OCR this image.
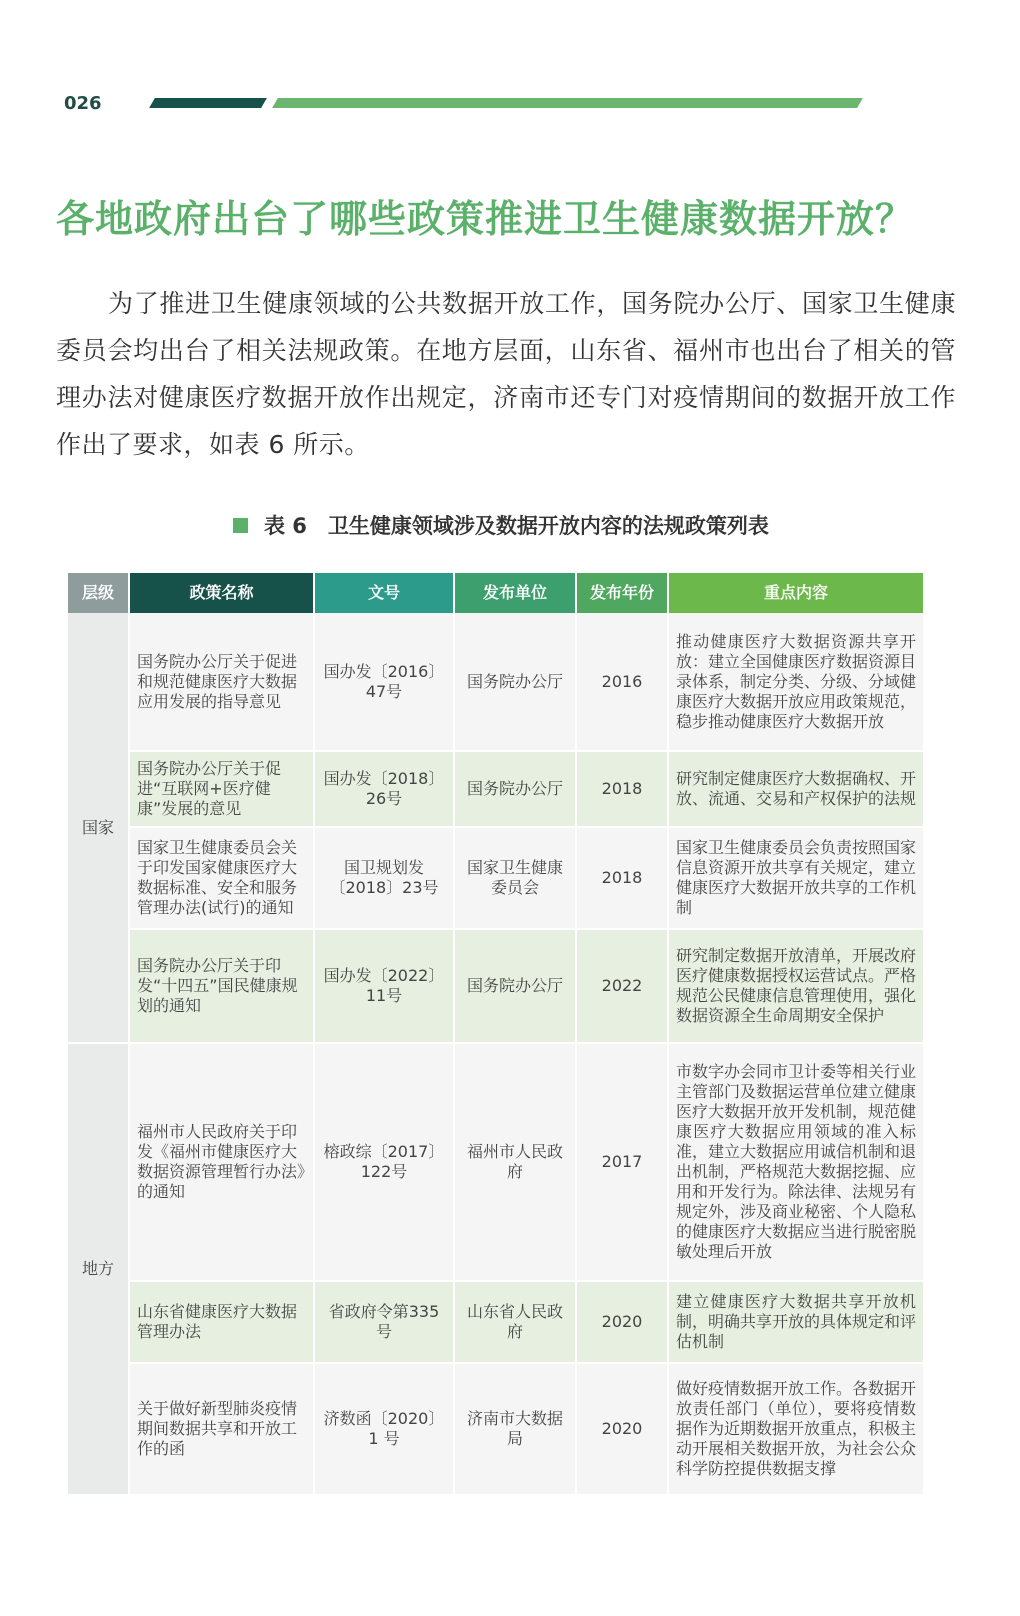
026
各地政府出台了哪些政策推进卫生健康数据开放？

为了推进卫生健康领域的公共数据开放工作，国务院办公厅、国家卫生健康委员会均出台了相关法规政策。在地方层面，山东省、福州市也出台了相关的管理办法对健康医疗数据开放作出规定，济南市还专门对疫情期间的数据开放工作作出了要求，如表 6 所示。

表 6　卫生健康领域涉及数据开放内容的法规政策列表
层级	政策名称	文号	发布单位	发布年份	重点内容
国家	国务院办公厅关于促进和规范健康医疗大数据应用发展的指导意见	国办发〔2016〕47号	国务院办公厅	2016	推动健康医疗大数据资源共享开放：建立全国健康医疗数据资源目录体系，制定分类、分级、分域健康医疗大数据开放应用政策规范，稳步推动健康医疗大数据开放
	国务院办公厅关于促进“互联网+医疗健康”发展的意见	国办发〔2018〕26号	国务院办公厅	2018	研究制定健康医疗大数据确权、开放、流通、交易和产权保护的法规
	国家卫生健康委员会关于印发国家健康医疗大数据标准、安全和服务管理办法(试行)的通知	国卫规划发〔2018〕23号	国家卫生健康委员会	2018	国家卫生健康委员会负责按照国家信息资源开放共享有关规定，建立健康医疗大数据开放共享的工作机制
	国务院办公厅关于印发“十四五”国民健康规划的通知	国办发〔2022〕11号	国务院办公厅	2022	研究制定数据开放清单，开展改府医疗健康数据授权运营试点。严格规范公民健康信息管理使用，强化数据资源全生命周期安全保护
地方	福州市人民政府关于印发《福州市健康医疗大数据资源管理暂行办法》的通知	榕政综〔2017〕122号	福州市人民政府	2017	市数字办会同市卫计委等相关行业主管部门及数据运营单位建立健康医疗大数据开放开发机制，规范健康医疗大数据应用领域的准入标准，建立大数据应用诚信机制和退出机制，严格规范大数据挖掘、应用和开发行为。除法律、法规另有规定外，涉及商业秘密、个人隐私的健康医疗大数据应当进行脱密脱敏处理后开放
	山东省健康医疗大数据管理办法	省政府令第335号	山东省人民政府	2020	建立健康医疗大数据共享开放机制，明确共享开放的具体规定和评估机制
	关于做好新型肺炎疫情期间数据共享和开放工作的函	济数函〔2020〕1 号	济南市大数据局	2020	做好疫情数据开放工作。各数据开放责任部门（单位），要将疫情数据作为近期数据开放重点，积极主动开展相关数据开放，为社会公众科学防控提供数据支撑
